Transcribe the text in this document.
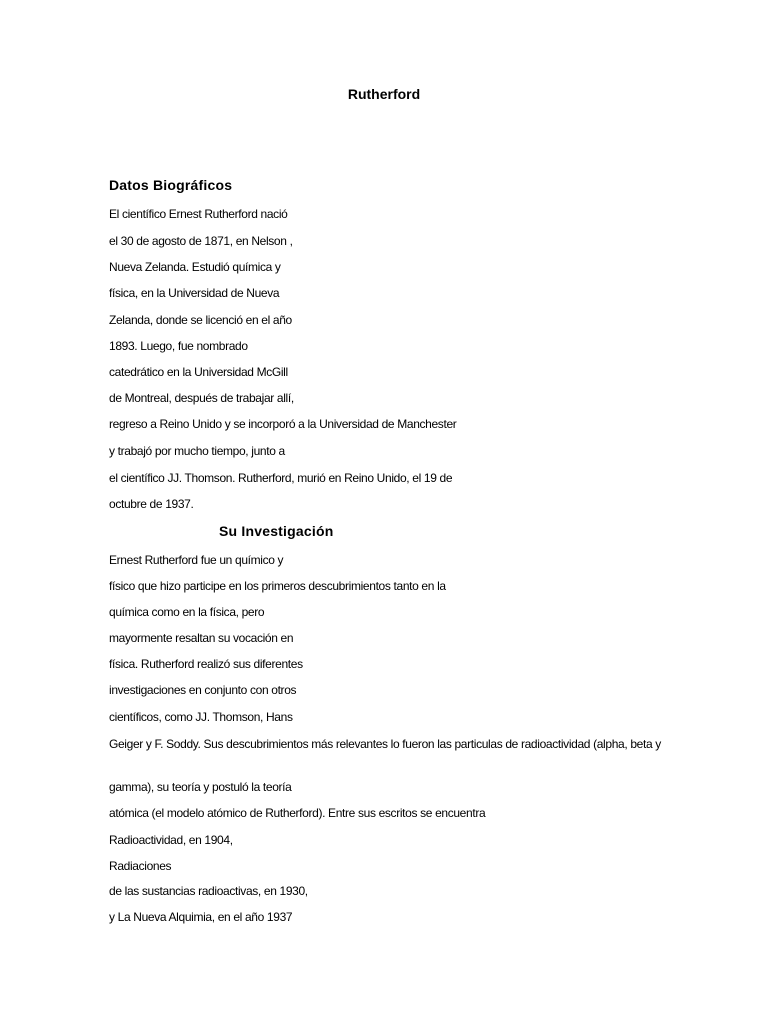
Rutherford
Datos Biográficos

El científico Ernest Rutherford nació

el 30 de agosto de 1871, en Nelson ,

Nueva Zelanda. Estudió química y

física, en la Universidad de Nueva

Zelanda, donde se licenció en el año

1893. Luego, fue nombrado

catedrático en la Universidad McGill

de Montreal, después de trabajar allí,

regreso a Reino Unido y se incorporó a la Universidad de Manchester

y trabajó por mucho tiempo, junto a

el científico JJ. Thomson. Rutherford, murió en Reino Unido, el 19 de

octubre de 1937.

Su Investigación

Ernest Rutherford fue un químico y

físico que hizo participe en los primeros descubrimientos tanto en la

química como en la física, pero

mayormente resaltan su vocación en

física. Rutherford realizó sus diferentes

investigaciones en conjunto con otros

científicos, como JJ. Thomson, Hans

Geiger y F. Soddy. Sus descubrimientos más relevantes lo fueron las particulas de radioactividad (alpha, beta y

gamma), su teoría y postuló la teoría

atómica (el modelo atómico de Rutherford). Entre sus escritos se encuentra

Radioactividad, en 1904,

Radiaciones

de las sustancias radioactivas, en 1930,

y La Nueva Alquimia, en el año 1937
